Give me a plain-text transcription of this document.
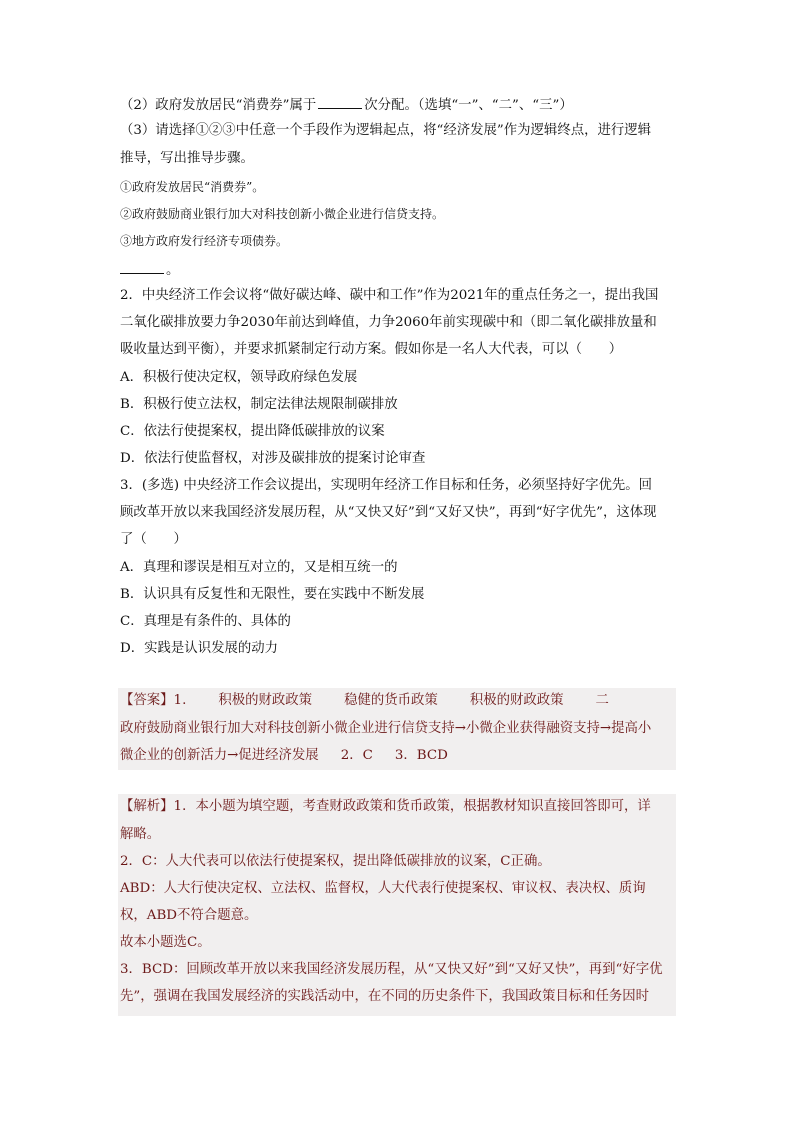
（2）政府发放居民“消费券”属于	次分配。（选填“一”、“二”、“三”）
（3）请选择①②③中任意一个手段作为逻辑起点，将“经济发展”作为逻辑终点，进行逻辑
推导，写出推导步骤。
①政府发放居民“消费券”。
②政府鼓励商业银行加大对科技创新小微企业进行信贷支持。
③地方政府发行经济专项债券。
。
2．中央经济工作会议将“做好碳达峰、碳中和工作”作为2021年的重点任务之一，提出我国
二氧化碳排放要力争2030年前达到峰值，力争2060年前实现碳中和（即二氧化碳排放量和
吸收量达到平衡），并要求抓紧制定行动方案。假如你是一名人大代表，可以（　　）
A．积极行使决定权，领导政府绿色发展
B．积极行使立法权，制定法律法规限制碳排放
C．依法行使提案权，提出降低碳排放的议案
D．依法行使监督权，对涉及碳排放的提案讨论审查
3．(多选) 中央经济工作会议提出，实现明年经济工作目标和任务，必须坚持好字优先。回
顾改革开放以来我国经济发展历程，从“又快又好”到“又好又快”，再到“好字优先”，这体现
了（　　）
A．真理和谬误是相互对立的，又是相互统一的
B．认识具有反复性和无限性，要在实践中不断发展
C．真理是有条件的、具体的
D．实践是认识发展的动力
【答案】1. 积极的财政政策 稳健的货币政策 积极的财政政策 二
政府鼓励商业银行加大对科技创新小微企业进行信贷支持→小微企业获得融资支持→提高小
微企业的创新活力→促进经济发展 2．C 3．BCD
【解析】1．本小题为填空题，考查财政政策和货币政策，根据教材知识直接回答即可，详
解略。
2．C：人大代表可以依法行使提案权，提出降低碳排放的议案，C正确。
ABD：人大行使决定权、立法权、监督权，人大代表行使提案权、审议权、表决权、质询
权，ABD不符合题意。
故本小题选C。
3．BCD：回顾改革开放以来我国经济发展历程，从“又快又好”到“又好又快”，再到“好字优
先”，强调在我国发展经济的实践活动中，在不同的历史条件下，我国政策目标和任务因时
